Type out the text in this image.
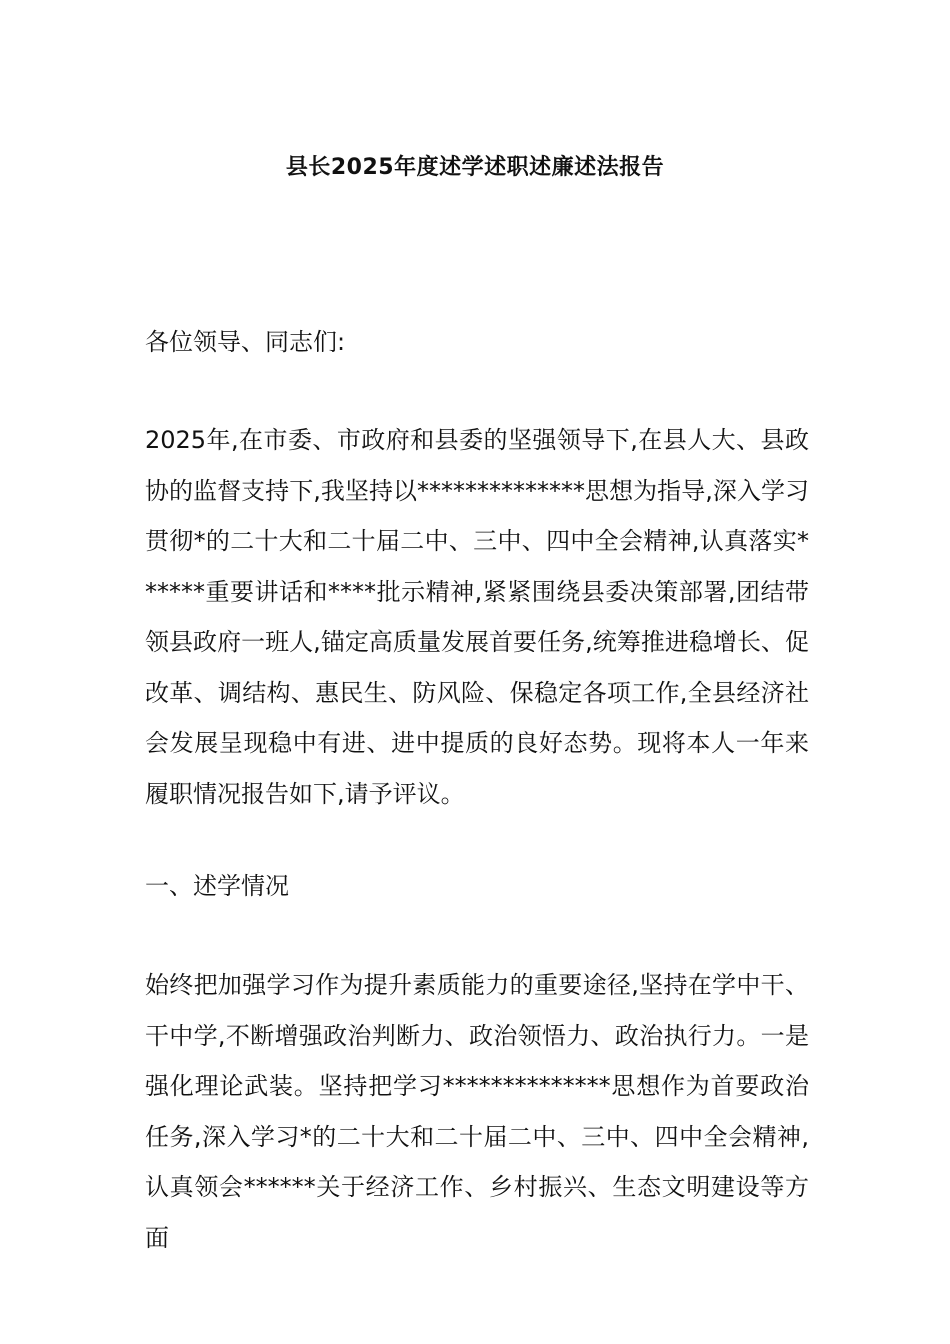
县长2025年度述学述职述廉述法报告

各位领导、同志们:

2025年,在市委、市政府和县委的坚强领导下,在县人大、县政协的监督支持下,我坚持以**************思想为指导,深入学习贯彻*的二十大和二十届二中、三中、四中全会精神,认真落实******重要讲话和****批示精神,紧紧围绕县委决策部署,团结带领县政府一班人,锚定高质量发展首要任务,统筹推进稳增长、促改革、调结构、惠民生、防风险、保稳定各项工作,全县经济社会发展呈现稳中有进、进中提质的良好态势。现将本人一年来履职情况报告如下,请予评议。

一、述学情况

始终把加强学习作为提升素质能力的重要途径,坚持在学中干、干中学,不断增强政治判断力、政治领悟力、政治执行力。一是强化理论武装。坚持把学习**************思想作为首要政治任务,深入学习*的二十大和二十届二中、三中、四中全会精神,认真领会******关于经济工作、乡村振兴、生态文明建设等方面
